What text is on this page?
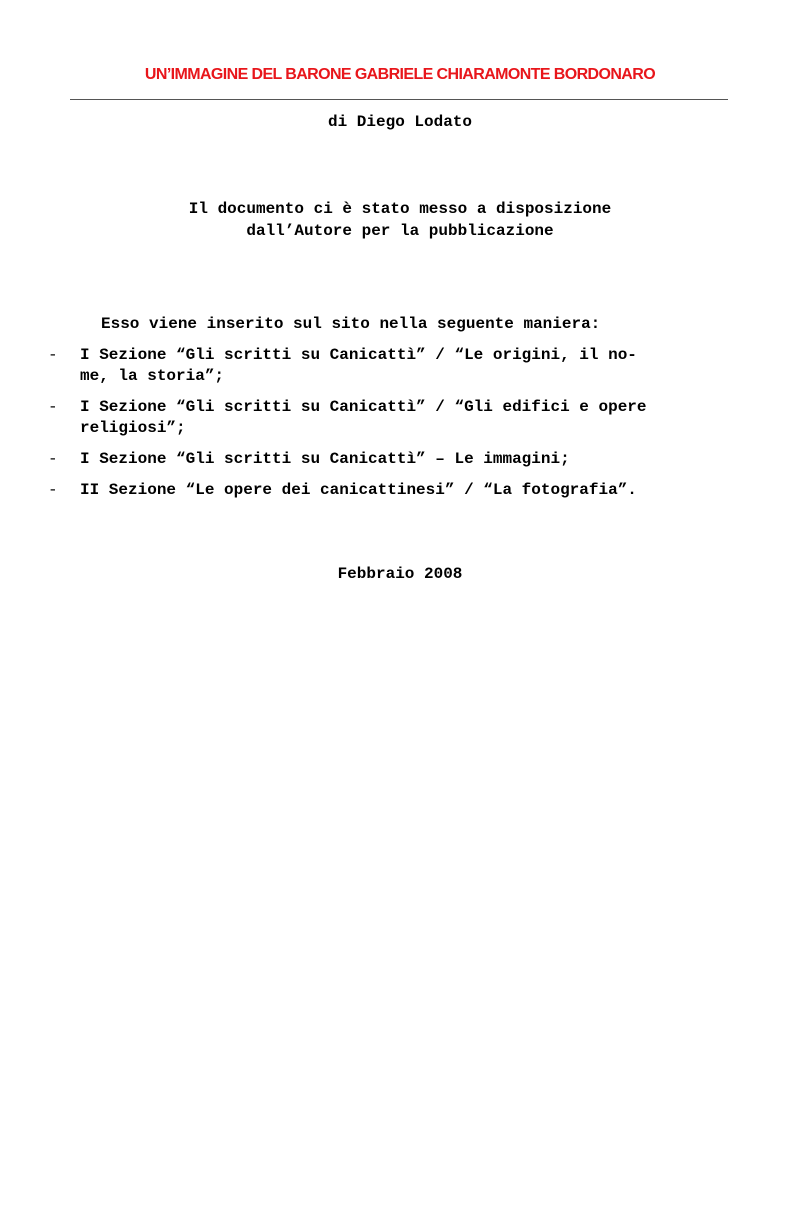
UN’IMMAGINE DEL BARONE GABRIELE CHIARAMONTE BORDONARO
di Diego Lodato
Il documento ci è stato messo a disposizione
dall’Autore per la pubblicazione
Esso viene inserito sul sito nella seguente maniera:
- I Sezione “Gli scritti su Canicattì” / “Le origini, il no-
me, la storia”;
- I Sezione “Gli scritti su Canicattì” / “Gli edifici e opere
religiosi”;
- I Sezione “Gli scritti su Canicattì” – Le immagini;
- II Sezione “Le opere dei canicattinesi” / “La fotografia”.
Febbraio 2008
